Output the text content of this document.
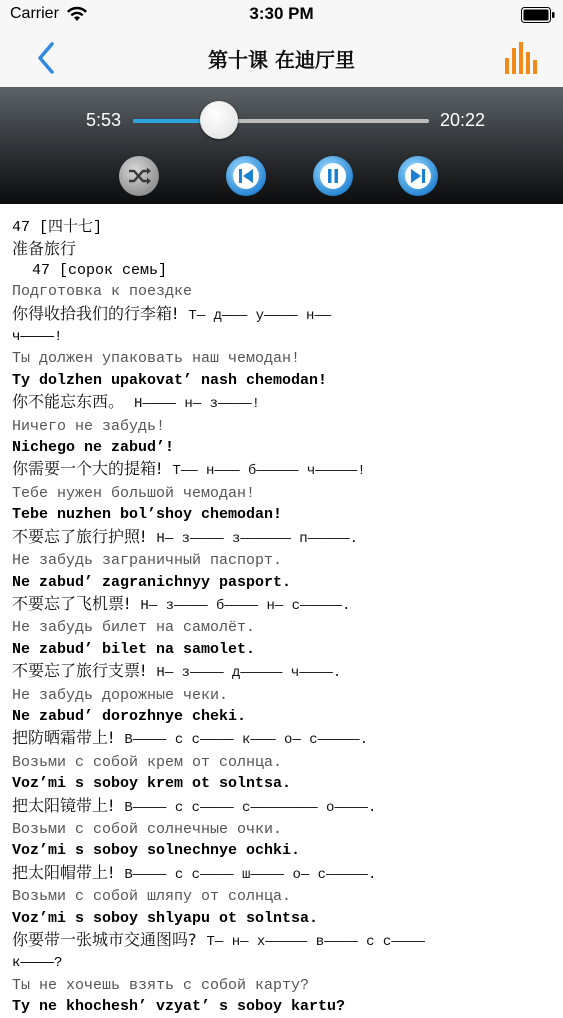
Carrier	3:30 PM
第十课 在迪厅里
5:53	20:22
47 [四十七]
准备旅行
47 [сорок семь]
Подготовка к поездке
你得收拾我们的行李箱! Т— д——— у———— н——
ч————!
Ты должен упаковать наш чемодан!
Ty dolzhen upakovat’ nash chemodan!
你不能忘东西。 Н———— н— з————!
Ничего не забудь!
Nichego ne zabud’!
你需要一个大的提箱! Т—— н——— б————— ч—————!
Тебе нужен большой чемодан!
Tebe nuzhen bol’shoy chemodan!
不要忘了旅行护照! Н— з———— з—————— п—————.
Не забудь заграничный паспорт.
Ne zabud’ zagranichnyy pasport.
不要忘了飞机票! Н— з———— б———— н— с—————.
Не забудь билет на самолёт.
Ne zabud’ bilet na samolet.
不要忘了旅行支票! Н— з———— д————— ч————.
Не забудь дорожные чеки.
Ne zabud’ dorozhnye cheki.
把防晒霜带上! В———— с с———— к——— о— с—————.
Возьми с собой крем от солнца.
Voz’mi s soboy krem ot solntsa.
把太阳镜带上! В———— с с———— с———————— о————.
Возьми с собой солнечные очки.
Voz’mi s soboy solnechnye ochki.
把太阳帽带上! В———— с с———— ш———— о— с—————.
Возьми с собой шляпу от солнца.
Voz’mi s soboy shlyapu ot solntsa.
你要带一张城市交通图吗? Т— н— х————— в———— с с————
к————?
Ты не хочешь взять с собой карту?
Ty ne khochesh’ vzyat’ s soboy kartu?
